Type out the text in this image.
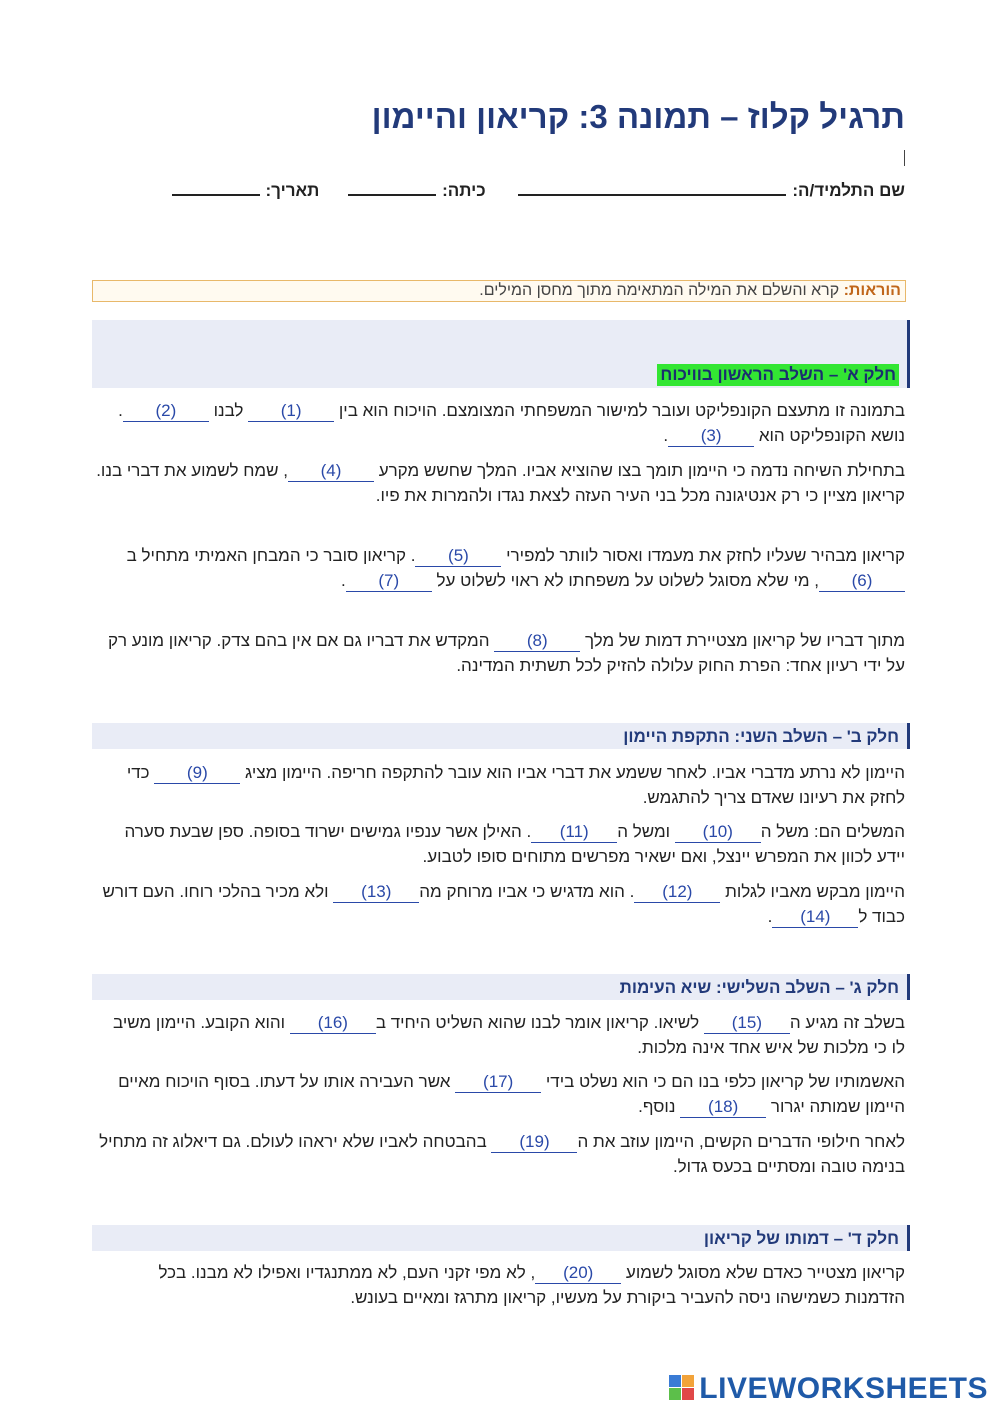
תרגיל קלוז – תמונה 3: קריאון והיימון
שם התלמיד/ה: כיתה: תאריך:
הוראות: קרא והשלם את המילה המתאימה מתוך מחסן המילים.
חלק א' – השלב הראשון בוויכוח

בתמונה זו מתעצם הקונפליקט ועובר למישור המשפחתי המצומצם. הויכוח הוא בין (1) לבנו (2). נושא הקונפליקט הוא (3).

בתחילת השיחה נדמה כי היימון תומך בצו שהוציא אביו. המלך שחשש מקרע (4), שמח לשמוע את דברי בנו. קריאון מציין כי רק אנטיגונה מכל בני העיר העזה לצאת נגדו ולהמרות את פיו.

קריאון מבהיר שעליו לחזק את מעמדו ואסור לוותר למפירי (5). קריאון סובר כי המבחן האמיתי מתחיל ב(6), מי שלא מסוגל לשלוט על משפחתו לא ראוי לשלוט על (7).

מתוך דבריו של קריאון מצטיירת דמות של מלך (8) המקדש את דבריו גם אם אין בהם צדק. קריאון מונע רק על ידי רעיון אחד: הפרת החוק עלולה להזיק לכל תשתית המדינה.

חלק ב' – השלב השני: התקפת היימון

היימון לא נרתע מדברי אביו. לאחר ששמע את דברי אביו הוא עובר להתקפה חריפה. היימון מציג (9) כדי לחזק את רעיונו שאדם צריך להתגמש.

המשלים הם: משל ה(10) ומשל ה(11). האילן אשר ענפיו גמישים ישרוד בסופה. ספן שבעת סערה יידע לכוון את המפרש יינצל, ואם ישאיר מפרשים מתוחים סופו לטבוע.

היימון מבקש מאביו לגלות (12). הוא מדגיש כי אביו מרוחק מה(13) ולא מכיר בהלכי רוחו. העם דורש כבוד ל(14).

חלק ג' – השלב השלישי: שיא העימות

בשלב זה מגיע ה(15) לשיאו. קריאון אומר לבנו שהוא השליט היחיד ב(16) והוא הקובע. היימון משיב לו כי מלכות של איש אחד אינה מלכות.

האשמותיו של קריאון כלפי בנו הם כי הוא נשלט בידי (17) אשר העבירה אותו על דעתו. בסוף הויכוח מאיים היימון שמותה יגרור (18) נוסף.

לאחר חילופי הדברים הקשים, היימון עוזב את ה(19) בהבטחה לאביו שלא יראהו לעולם. גם דיאלוג זה מתחיל בנימה טובה ומסתיים בכעס גדול.

חלק ד' – דמותו של קריאון

קריאון מצטייר כאדם שלא מסוגל לשמוע (20), לא מפי זקני העם, לא ממתנגדיו ואפילו לא מבנו. בכל הזדמנות כשמישהו ניסה להעביר ביקורת על מעשיו, קריאון מתרגז ומאיים בעונש.

LIVEWORKSHEETS
